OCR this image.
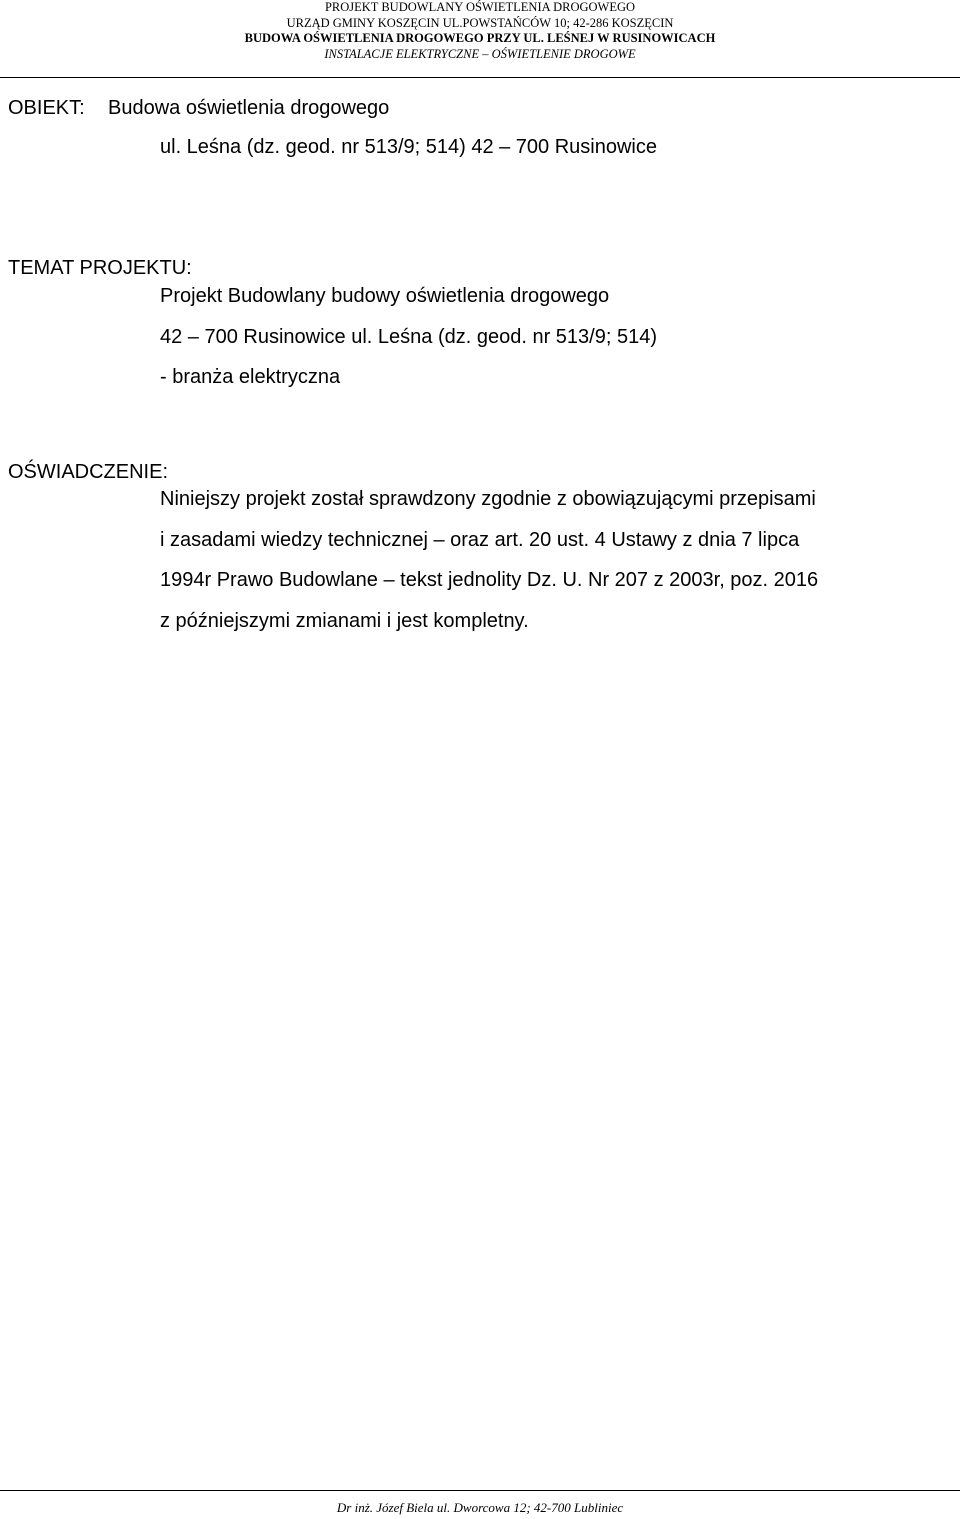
PROJEKT BUDOWLANY OŚWIETLENIA DROGOWEGO
URZĄD GMINY KOSZĘCIN UL.POWSTAŃCÓW 10; 42-286 KOSZĘCIN
BUDOWA OŚWIETLENIA DROGOWEGO PRZY UL. LEŚNEJ W RUSINOWICACH
INSTALACJE ELEKTRYCZNE – OŚWIETLENIE DROGOWE
OBIEKT: Budowa oświetlenia drogowego
ul. Leśna (dz. geod. nr 513/9; 514) 42 – 700 Rusinowice
TEMAT PROJEKTU:
Projekt Budowlany budowy oświetlenia drogowego
42 – 700 Rusinowice ul. Leśna (dz. geod. nr 513/9; 514)
- branża elektryczna
OŚWIADCZENIE:
Niniejszy projekt został sprawdzony zgodnie z obowiązującymi przepisami
i zasadami wiedzy technicznej – oraz art. 20 ust. 4 Ustawy z dnia 7 lipca
1994r Prawo Budowlane – tekst jednolity Dz. U. Nr 207 z 2003r, poz. 2016
z późniejszymi zmianami i jest kompletny.
Dr inż. Józef Biela ul. Dworcowa 12; 42-700 Lubliniec
